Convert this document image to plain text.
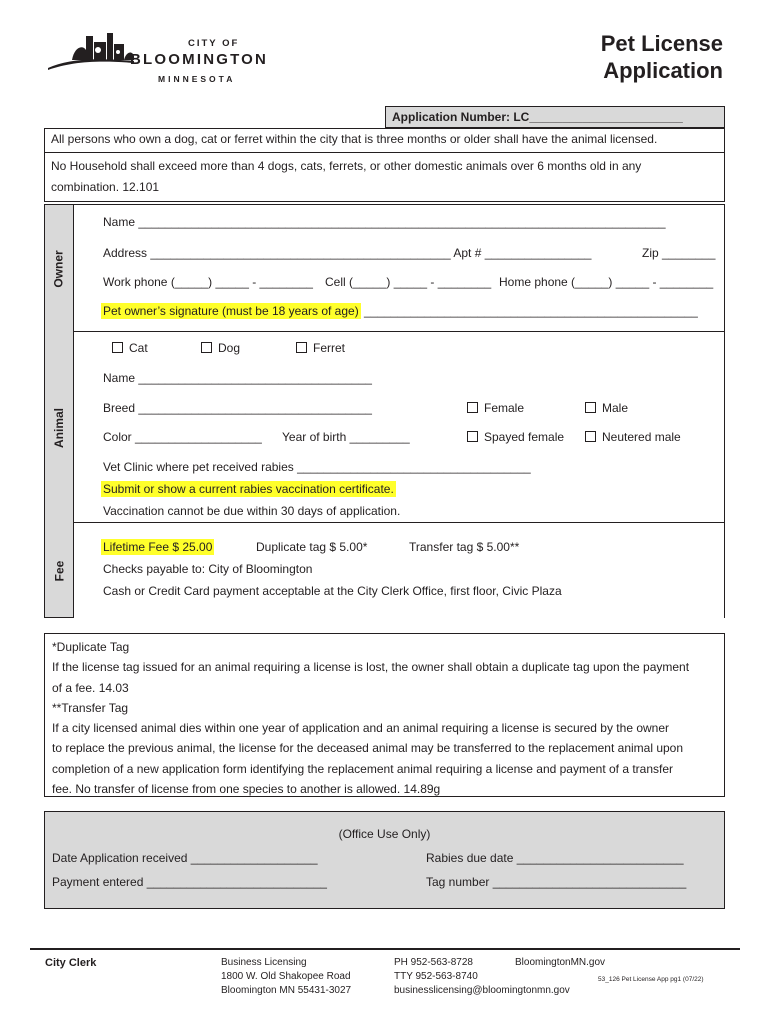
CITY OF
BLOOMINGTON
MINNESOTA
Pet License
Application
Application Number: LC_______________________
All persons who own a dog, cat or ferret within the city that is three months or older shall have the animal licensed.
No Household shall exceed more than 4 dogs, cats, ferrets, or other domestic animals over 6 months old in any
combination. 12.101
Owner
Name _______________________________________________________________________________
Address _____________________________________________ Apt # ________________	Zip ________
Work phone (_____) _____ - ________ Cell (_____) _____ - ________ Home phone (_____) _____ - ________
Pet owner’s signature (must be 18 years of age) __________________________________________________
Animal
Cat	Dog	Ferret
Name ___________________________________
Breed ___________________________________	Female	Male
Color ___________________ Year of birth _________	Spayed female	Neutered male
Vet Clinic where pet received rabies ___________________________________
Submit or show a current rabies vaccination certificate.
Vaccination cannot be due within 30 days of application.
Fee
Lifetime Fee $ 25.00	Duplicate tag $ 5.00*	Transfer tag $ 5.00**
Checks payable to: City of Bloomington
Cash or Credit Card payment acceptable at the City Clerk Office, first floor, Civic Plaza
*Duplicate Tag
If the license tag issued for an animal requiring a license is lost, the owner shall obtain a duplicate tag upon the payment
of a fee. 14.03
**Transfer Tag
If a city licensed animal dies within one year of application and an animal requiring a license is secured by the owner
to replace the previous animal, the license for the deceased animal may be transferred to the replacement animal upon
completion of a new application form identifying the replacement animal requiring a license and payment of a transfer
fee. No transfer of license from one species to another is allowed. 14.89g
(Office Use Only)
Date Application received ___________________	Rabies due date _________________________
Payment entered ___________________________	Tag number _____________________________
City Clerk	Business Licensing
1800 W. Old Shakopee Road
Bloomington MN 55431-3027
PH 952-563-8728
TTY 952-563-8740
businesslicensing@bloomingtonmn.gov
BloomingtonMN.gov
53_126 Pet License App pg1 (07/22)
